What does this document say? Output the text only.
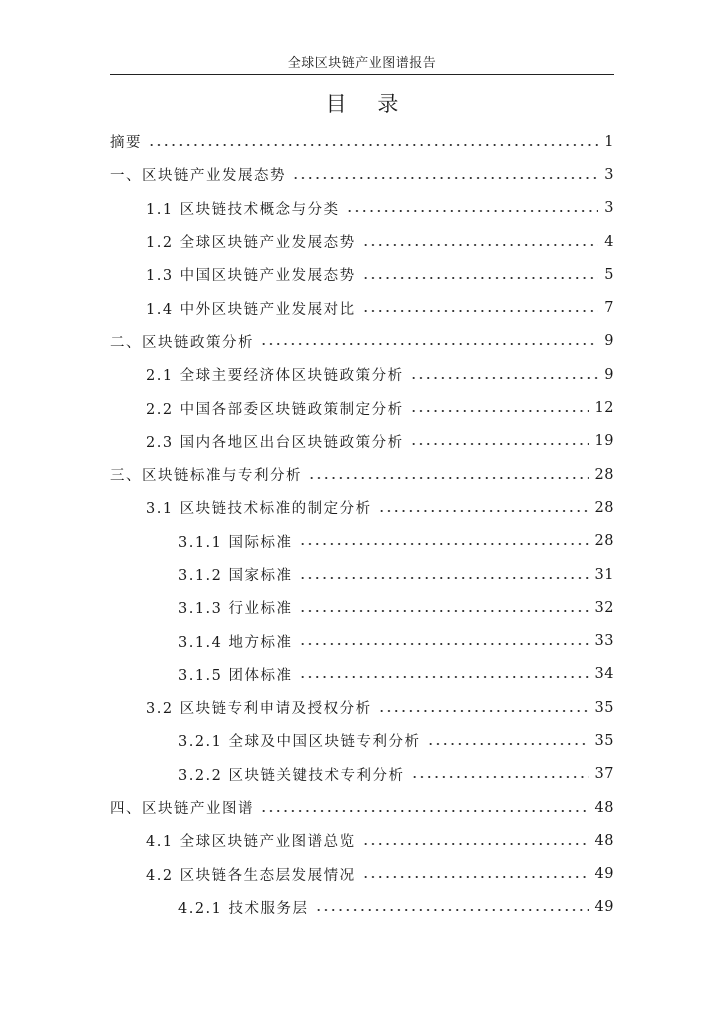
全球区块链产业图谱报告
目 录
摘要	1
一、区块链产业发展态势	3
1.1 区块链技术概念与分类	3
1.2 全球区块链产业发展态势	4
1.3 中国区块链产业发展态势	5
1.4 中外区块链产业发展对比	7
二、区块链政策分析	9
2.1 全球主要经济体区块链政策分析	9
2.2 中国各部委区块链政策制定分析	12
2.3 国内各地区出台区块链政策分析	19
三、区块链标准与专利分析	28
3.1 区块链技术标准的制定分析	28
3.1.1 国际标准	28
3.1.2 国家标准	31
3.1.3 行业标准	32
3.1.4 地方标准	33
3.1.5 团体标准	34
3.2 区块链专利申请及授权分析	35
3.2.1 全球及中国区块链专利分析	35
3.2.2 区块链关键技术专利分析	37
四、区块链产业图谱	48
4.1 全球区块链产业图谱总览	48
4.2 区块链各生态层发展情况	49
4.2.1 技术服务层	49
